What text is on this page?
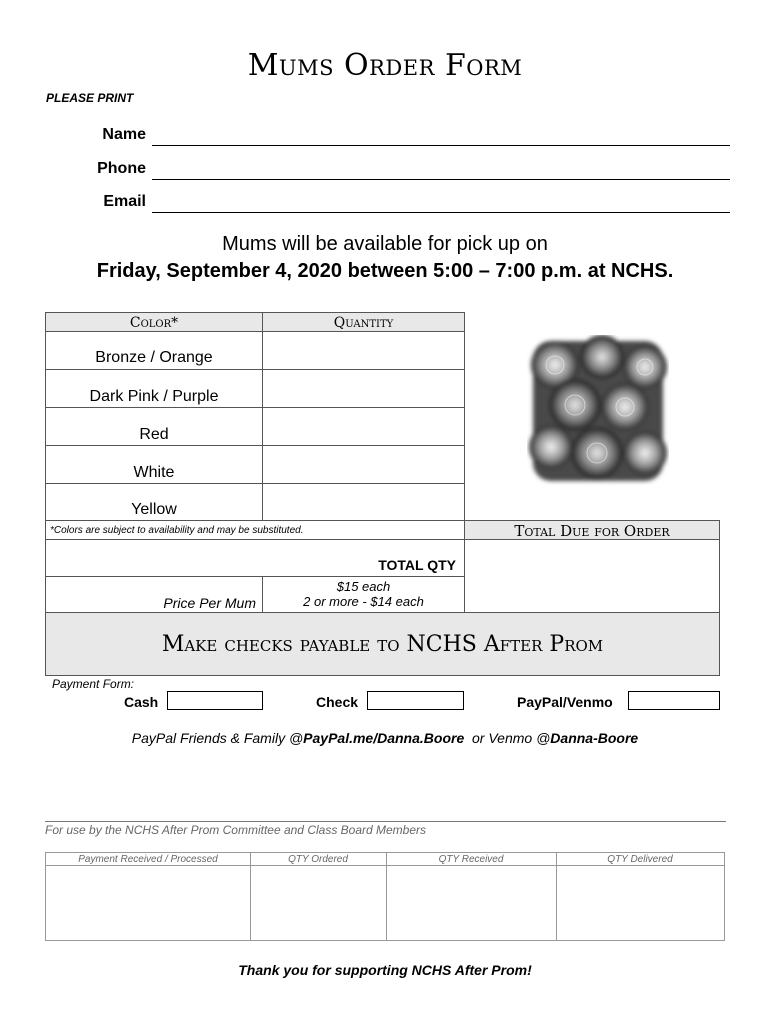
Mums Order Form
PLEASE PRINT
Name
Phone
Email
Mums will be available for pick up on
Friday, September 4, 2020 between 5:00 – 7:00 p.m. at NCHS.
Color*	Quantity
Bronze / Orange
Dark Pink / Purple
Red
White
Yellow
*Colors are subject to availability and may be substituted.	Total Due for Order
TOTAL QTY
Price Per Mum
$15 each
2 or more - $14 each
Make checks payable to NCHS After Prom
Payment Form:
Cash	Check	PayPal/Venmo
PayPal Friends & Family @PayPal.me/Danna.Boore  or Venmo @Danna-Boore
For use by the NCHS After Prom Committee and Class Board Members
Payment Received / Processed	QTY Ordered	QTY Received	QTY Delivered
Thank you for supporting NCHS After Prom!
